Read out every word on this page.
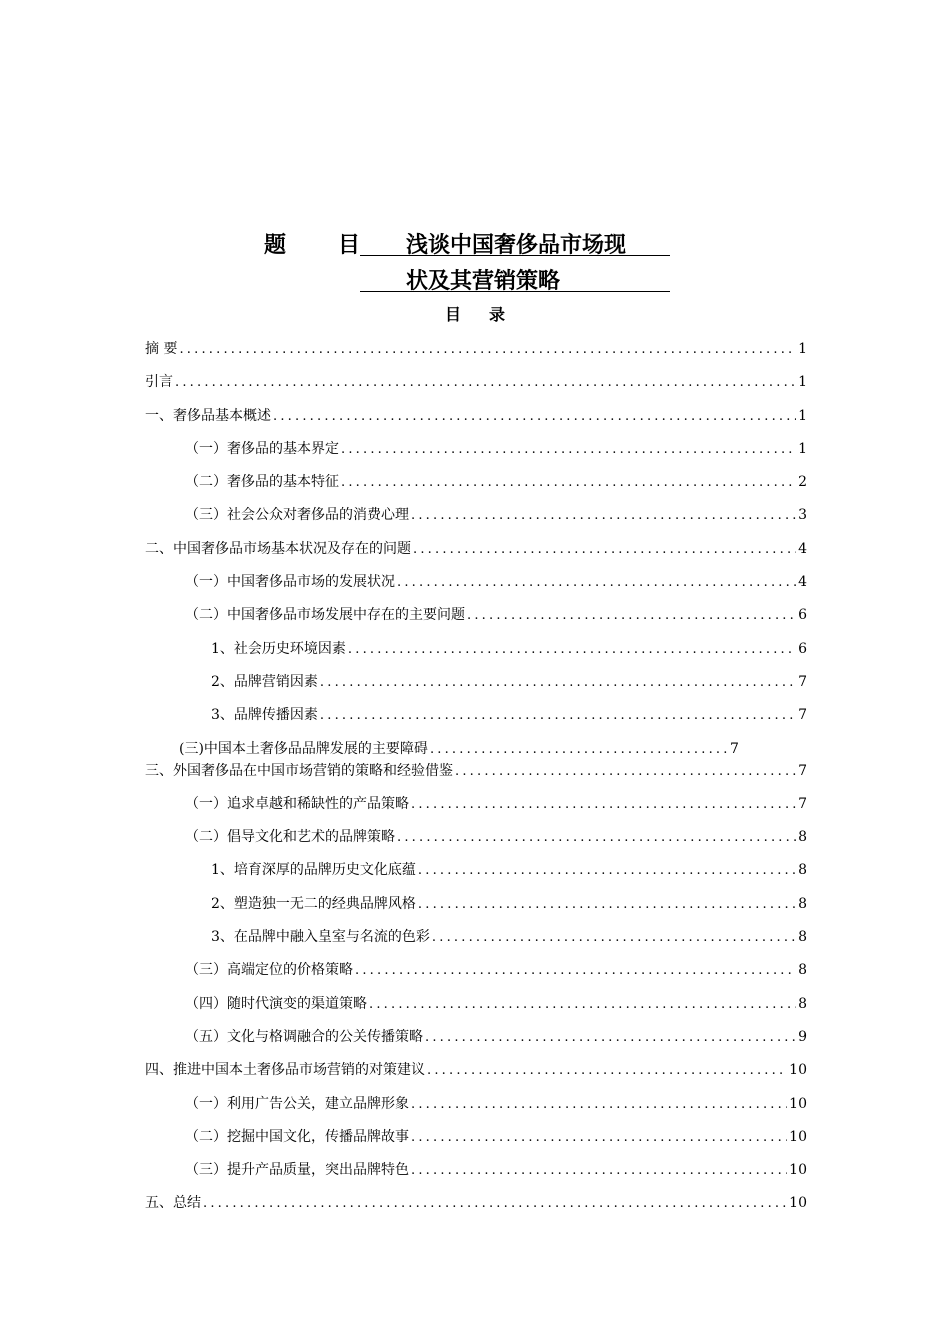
题 目	浅谈中国奢侈品市场现
状及其营销策略
目录
摘 要 .....	1
引言 .....	1
一、奢侈品基本概述 .....	1
（一）奢侈品的基本界定 .....	1
（二）奢侈品的基本特征 .....	2
（三）社会公众对奢侈品的消费心理 .....	3
二、中国奢侈品市场基本状况及存在的问题 .....	4
（一）中国奢侈品市场的发展状况 .....	4
（二）中国奢侈品市场发展中存在的主要问题 .....	6
1、 社会历史环境因素 .....	6
2、 品牌营销因素 .....	7
3、 品牌传播因素 .....	7
(三)中国本土奢侈品品牌发展的主要障碍 .....	7
三、外国奢侈品在中国市场营销的策略和经验借鉴 .....	7
（一）追求卓越和稀缺性的产品策略 .....	7
（二）倡导文化和艺术的品牌策略 .....	8
1、 培育深厚的品牌历史文化底蕴 .....	8
2、 塑造独一无二的经典品牌风格 .....	8
3、 在品牌中融入皇室与名流的色彩 .....	8
（三）高端定位的价格策略 .....	8
（四）随时代演变的渠道策略 .....	8
（五）文化与格调融合的公关传播策略 .....	9
四、推进中国本土奢侈品市场营销的对策建议 .....	10
（一）利用广告公关，建立品牌形象 .....	10
（二）挖掘中国文化，传播品牌故事 .....	10
（三）提升产品质量，突出品牌特色 .....	10
五、 总结 .....	10
